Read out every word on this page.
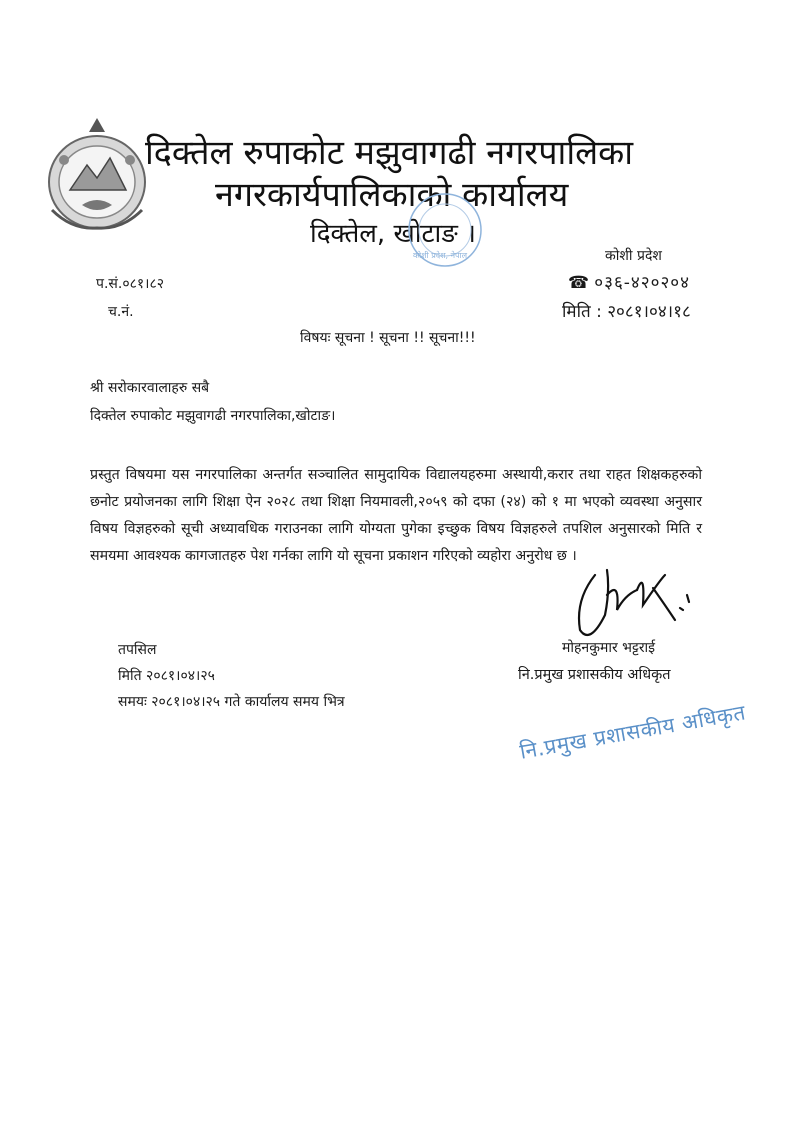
दिक्तेल रुपाकोट मझुवागढी नगरपालिका
नगरकार्यपालिकाको कार्यालय
दिक्तेल, खोटाङ ।
कोशी प्रदेश, नेपाल	कोशी प्रदेश
☎ ०३६-४२०२०४
प.सं.०८१।८२
च.नं.	मिति : २०८१।०४।१८
विषयः सूचना ! सूचना !! सूचना!!!
श्री सरोकारवालाहरु सबै
दिक्तेल रुपाकोट मझुवागढी नगरपालिका,खोटाङ।
प्रस्तुत विषयमा यस नगरपालिका अन्तर्गत सञ्चालित सामुदायिक विद्यालयहरुमा अस्थायी,करार तथा राहत शिक्षकहरुको छनोट प्रयोजनका लागि शिक्षा ऐन २०२८ तथा शिक्षा नियमावली,२०५९ को दफा (२४) को १ मा भएको व्यवस्था अनुसार विषय विज्ञहरुको सूची अध्यावधिक गराउनका लागि योग्यता पुगेका इच्छुक विषय विज्ञहरुले तपशिल अनुसारको मिति र समयमा आवश्यक कागजातहरु पेश गर्नका लागि यो सूचना प्रकाशन गरिएको व्यहोरा अनुरोध छ ।
तपसिल
मिति २०८१।०४।२५
समयः २०८१।०४।२५ गते कार्यालय समय भित्र
मोहनकुमार भट्टराई
नि.प्रमुख प्रशासकीय अधिकृत
नि.प्रमुख प्रशासकीय अधिकृत
